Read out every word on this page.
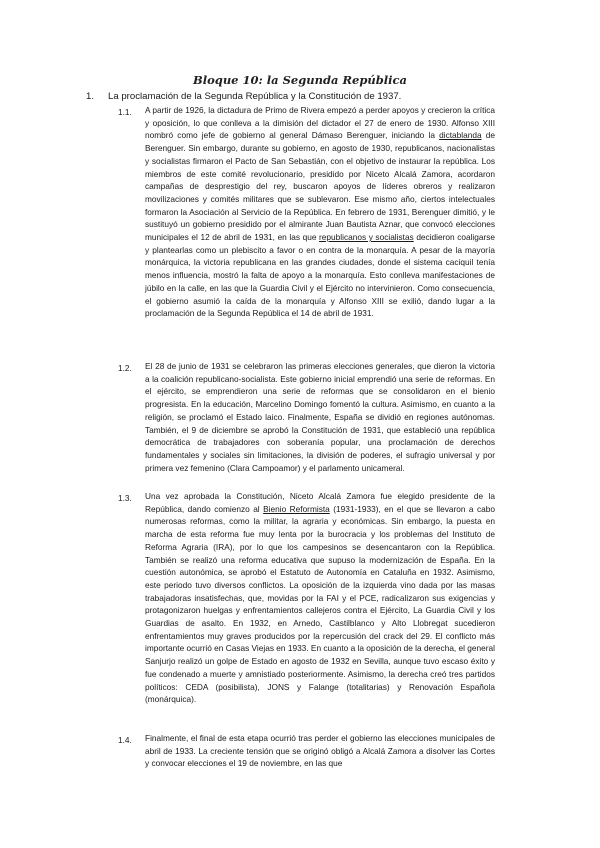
Bloque 10: la Segunda República
1. La proclamación de la Segunda República y la Constitución de 1937.
1.1. A partir de 1926, la dictadura de Primo de Rivera empezó a perder apoyos y crecieron la crítica y oposición, lo que conlleva a la dimisión del dictador el 27 de enero de 1930. Alfonso XIII nombró como jefe de gobierno al general Dámaso Berenguer, iniciando la dictablanda de Berenguer. Sin embargo, durante su gobierno, en agosto de 1930, republicanos, nacionalistas y socialistas firmaron el Pacto de San Sebastián, con el objetivo de instaurar la república. Los miembros de este comité revolucionario, presidido por Niceto Alcalá Zamora, acordaron campañas de desprestigio del rey, buscaron apoyos de líderes obreros y realizaron movilizaciones y comités militares que se sublevaron. Ese mismo año, ciertos intelectuales formaron la Asociación al Servicio de la República. En febrero de 1931, Berenguer dimitió, y le sustituyó un gobierno presidido por el almirante Juan Bautista Aznar, que convocó elecciones municipales el 12 de abril de 1931, en las que republicanos y socialistas decidieron coaligarse y plantearlas como un plebiscito a favor o en contra de la monarquía. A pesar de la mayoría monárquica, la victoria republicana en las grandes ciudades, donde el sistema caciquil tenía menos influencia, mostró la falta de apoyo a la monarquía. Esto conlleva manifestaciones de júbilo en la calle, en las que la Guardia Civil y el Ejército no intervinieron. Como consecuencia, el gobierno asumió la caída de la monarquía y Alfonso XIII se exilió, dando lugar a la proclamación de la Segunda República el 14 de abril de 1931.
1.2. El 28 de junio de 1931 se celebraron las primeras elecciones generales, que dieron la victoria a la coalición republicano-socialista. Este gobierno inicial emprendió una serie de reformas. En el ejército, se emprendieron una serie de reformas que se consolidaron en el bienio progresista. En la educación, Marcelino Domingo fomentó la cultura. Asimismo, en cuanto a la religión, se proclamó el Estado laico. Finalmente, España se dividió en regiones autónomas. También, el 9 de diciembre se aprobó la Constitución de 1931, que estableció una república democrática de trabajadores con soberanía popular, una proclamación de derechos fundamentales y sociales sin limitaciones, la división de poderes, el sufragio universal y por primera vez femenino (Clara Campoamor) y el parlamento unicameral.
1.3. Una vez aprobada la Constitución, Niceto Alcalá Zamora fue elegido presidente de la República, dando comienzo al Bienio Reformista (1931-1933), en el que se llevaron a cabo numerosas reformas, como la militar, la agraria y económicas. Sin embargo, la puesta en marcha de esta reforma fue muy lenta por la burocracia y los problemas del Instituto de Reforma Agraria (IRA), por lo que los campesinos se desencantaron con la República. También se realizó una reforma educativa que supuso la modernización de España. En la cuestión autonómica, se aprobó el Estatuto de Autonomía en Cataluña en 1932. Asimismo, este periodo tuvo diversos conflictos. La oposición de la izquierda vino dada por las masas trabajadoras insatisfechas, que, movidas por la FAI y el PCE, radicalizaron sus exigencias y protagonizaron huelgas y enfrentamientos callejeros contra el Ejército, La Guardia Civil y los Guardias de asalto. En 1932, en Arnedo, Castilblanco y Alto Llobregat sucedieron enfrentamientos muy graves producidos por la repercusión del crack del 29. El conflicto más importante ocurrió en Casas Viejas en 1933. En cuanto a la oposición de la derecha, el general Sanjurjo realizó un golpe de Estado en agosto de 1932 en Sevilla, aunque tuvo escaso éxito y fue condenado a muerte y amnistiado posteriormente. Asimismo, la derecha creó tres partidos políticos: CEDA (posibilista), JONS y Falange (totalitarias) y Renovación Española (monárquica).
1.4. Finalmente, el final de esta etapa ocurrió tras perder el gobierno las elecciones municipales de abril de 1933. La creciente tensión que se originó obligó a Alcalá Zamora a disolver las Cortes y convocar elecciones el 19 de noviembre, en las que
